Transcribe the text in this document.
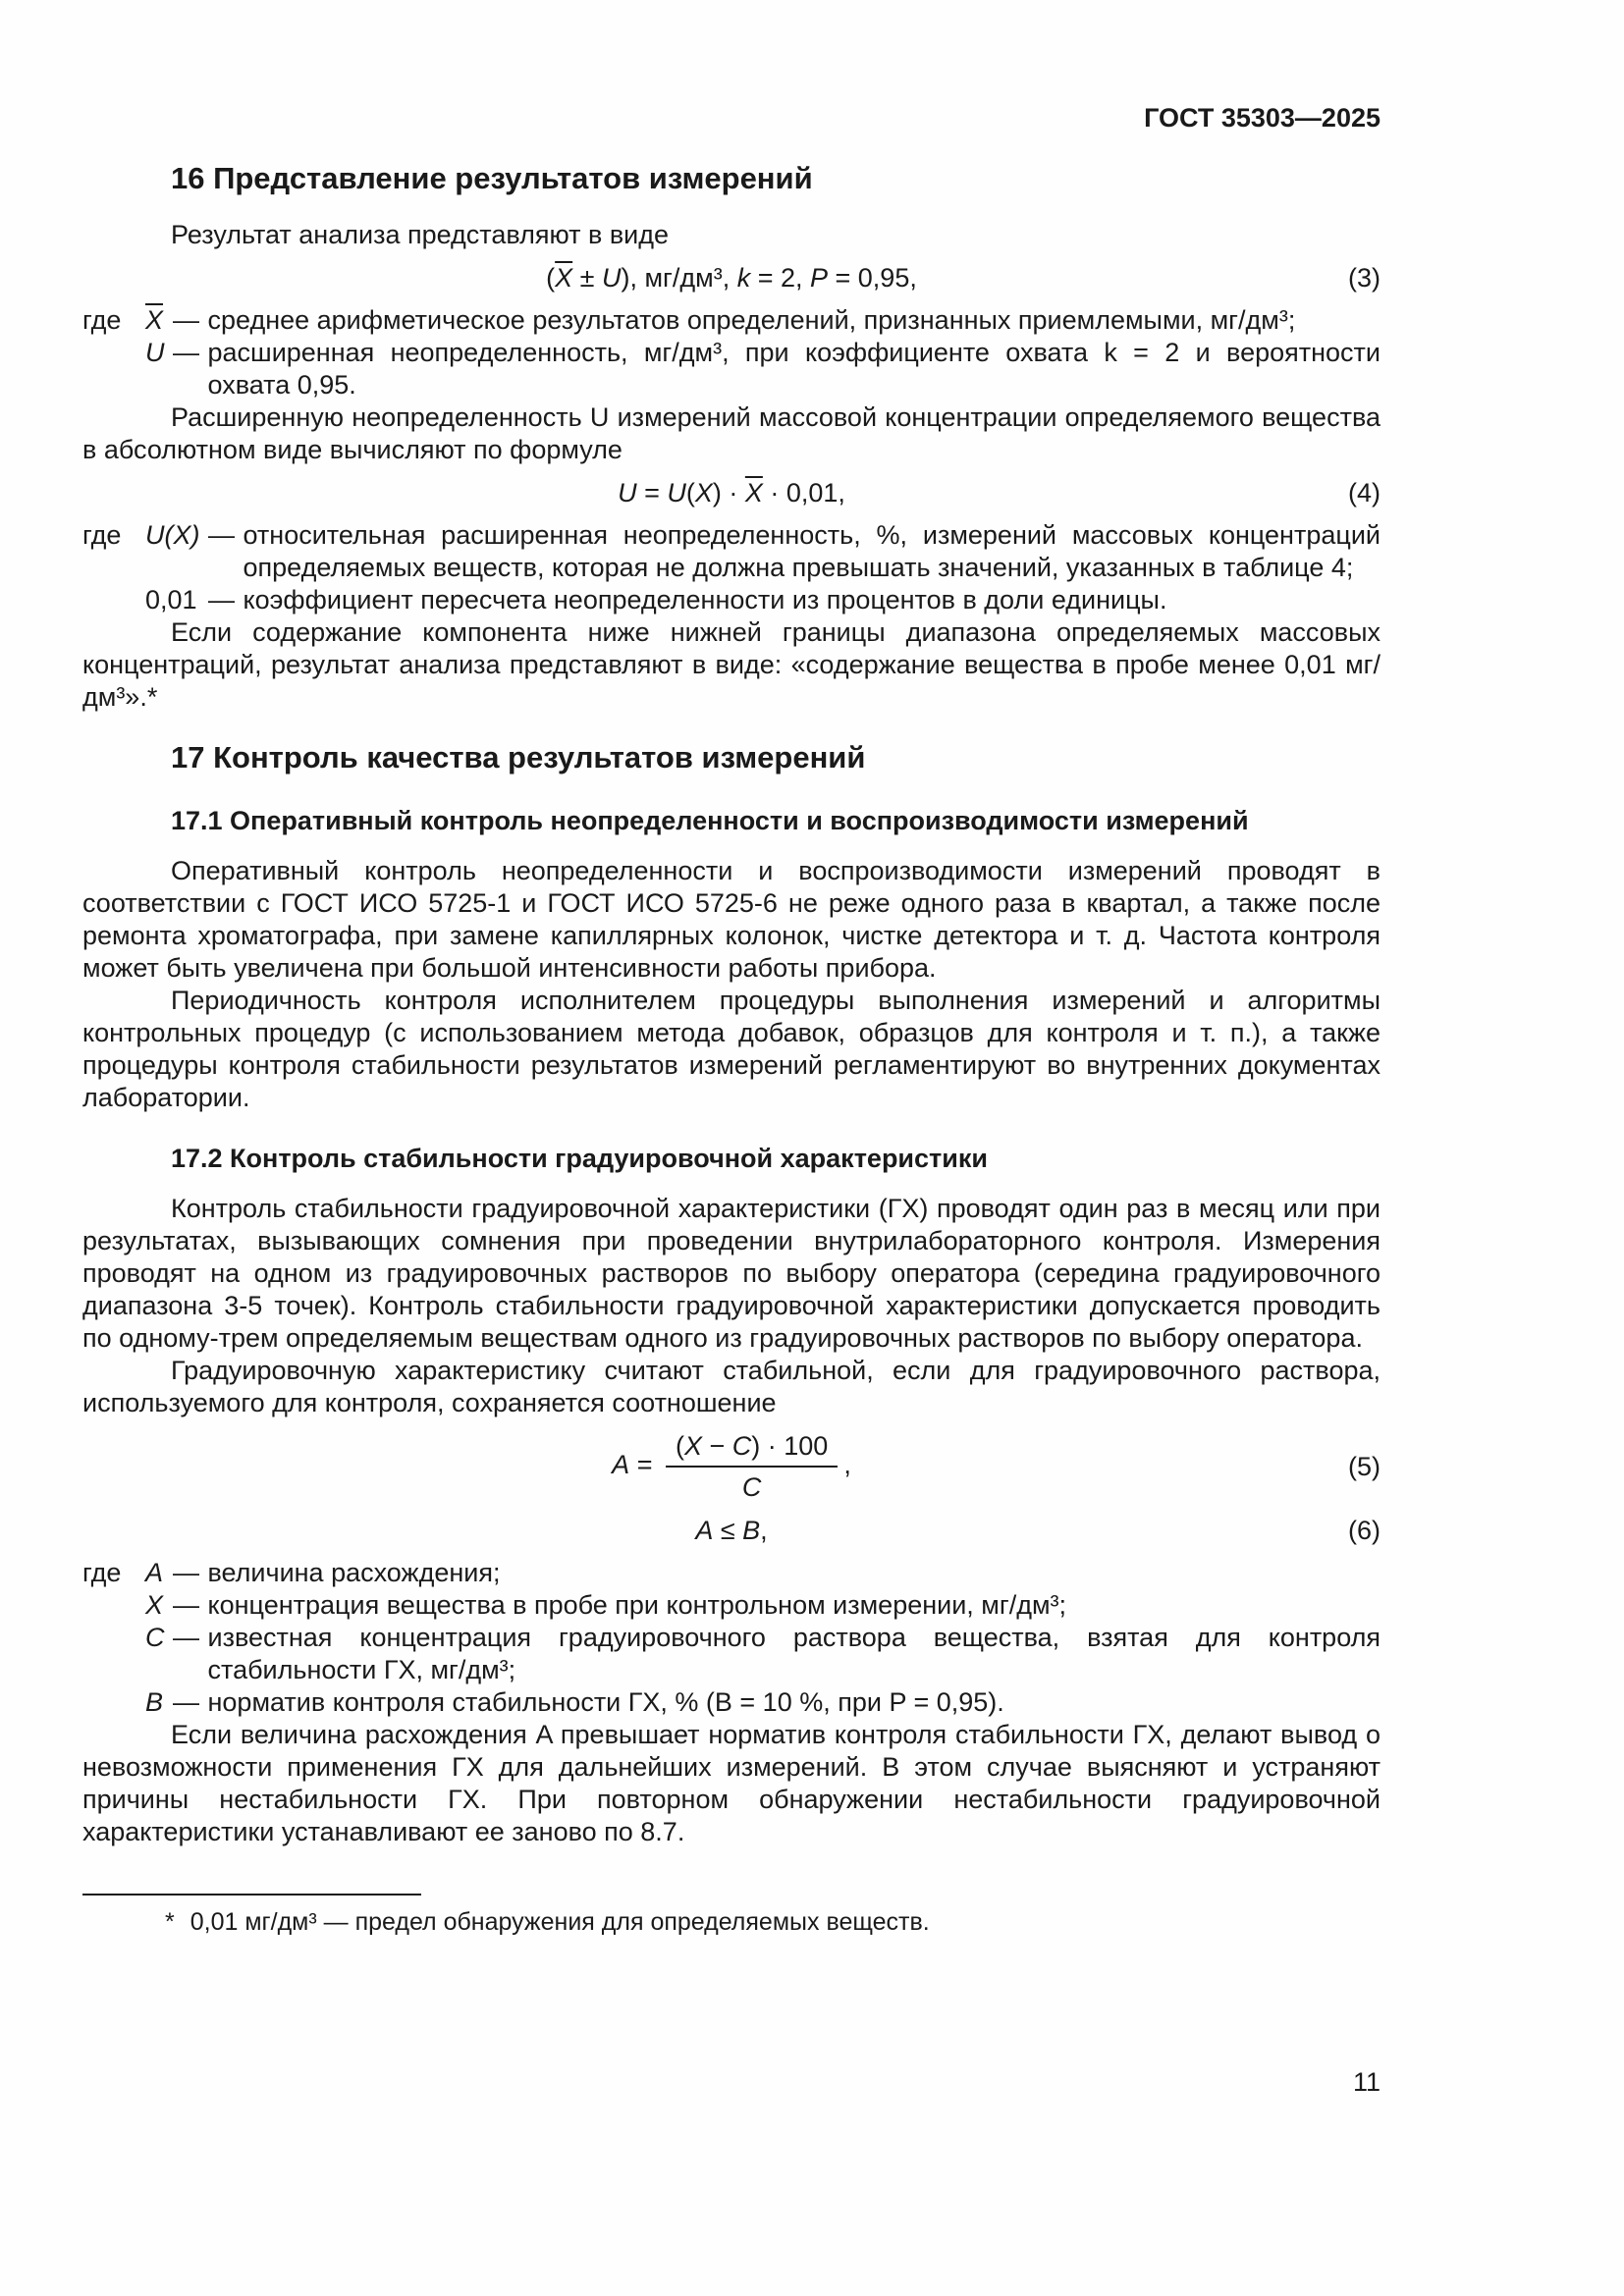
ГОСТ 35303—2025
16 Представление результатов измерений

Результат анализа представляют в виде

$(\overline{X} \pm U)$, мг/дм³, k = 2, P = 0,95,	(3)
где $\overline{X}$ — среднее арифметическое результатов определений, признанных приемлемыми, мг/дм³;
U — расширенная неопределенность, мг/дм³, при коэффициенте охвата k = 2 и вероятности охвата 0,95.

Расширенную неопределенность U измерений массовой концентрации определяемого вещества в абсолютном виде вычисляют по формуле

$U = U(X) \cdot \overline{X} \cdot 0,01$,	(4)
где U(X) — относительная расширенная неопределенность, %, измерений массовых концентраций определяемых веществ, которая не должна превышать значений, указанных в таблице 4;
0,01 — коэффициент пересчета неопределенности из процентов в доли единицы.

Если содержание компонента ниже нижней границы диапазона определяемых массовых концентраций, результат анализа представляют в виде: «содержание вещества в пробе менее 0,01 мг/дм³».*

17 Контроль качества результатов измерений
17.1 Оперативный контроль неопределенности и воспроизводимости измерений

Оперативный контроль неопределенности и воспроизводимости измерений проводят в соответствии с ГОСТ ИСО 5725-1 и ГОСТ ИСО 5725-6 не реже одного раза в квартал, а также после ремонта хроматографа, при замене капиллярных колонок, чистке детектора и т. д. Частота контроля может быть увеличена при большой интенсивности работы прибора.

Периодичность контроля исполнителем процедуры выполнения измерений и алгоритмы контрольных процедур (с использованием метода добавок, образцов для контроля и т. п.), а также процедуры контроля стабильности результатов измерений регламентируют во внутренних документах лаборатории.

17.2 Контроль стабильности градуировочной характеристики

Контроль стабильности градуировочной характеристики (ГХ) проводят один раз в месяц или при результатах, вызывающих сомнения при проведении внутрилабораторного контроля. Измерения проводят на одном из градуировочных растворов по выбору оператора (середина градуировочного диапазона 3-5 точек). Контроль стабильности градуировочной характеристики допускается проводить по одному-трем определяемым веществам одного из градуировочных растворов по выбору оператора.

Градуировочную характеристику считают стабильной, если для градуировочного раствора, используемого для контроля, сохраняется соотношение

$A = \frac{(X - C) \cdot 100}{C}$ ,	(5)
A ≤ B,	(6)
где A — величина расхождения;
X — концентрация вещества в пробе при контрольном измерении, мг/дм³;
C — известная концентрация градуировочного раствора вещества, взятая для контроля стабильности ГХ, мг/дм³;
B — норматив контроля стабильности ГХ, % (B = 10 %, при P = 0,95).

Если величина расхождения A превышает норматив контроля стабильности ГХ, делают вывод о невозможности применения ГХ для дальнейших измерений. В этом случае выясняют и устраняют причины нестабильности ГХ. При повторном обнаружении нестабильности градуировочной характеристики устанавливают ее заново по 8.7.

* 0,01 мг/дм³ — предел обнаружения для определяемых веществ.

11
